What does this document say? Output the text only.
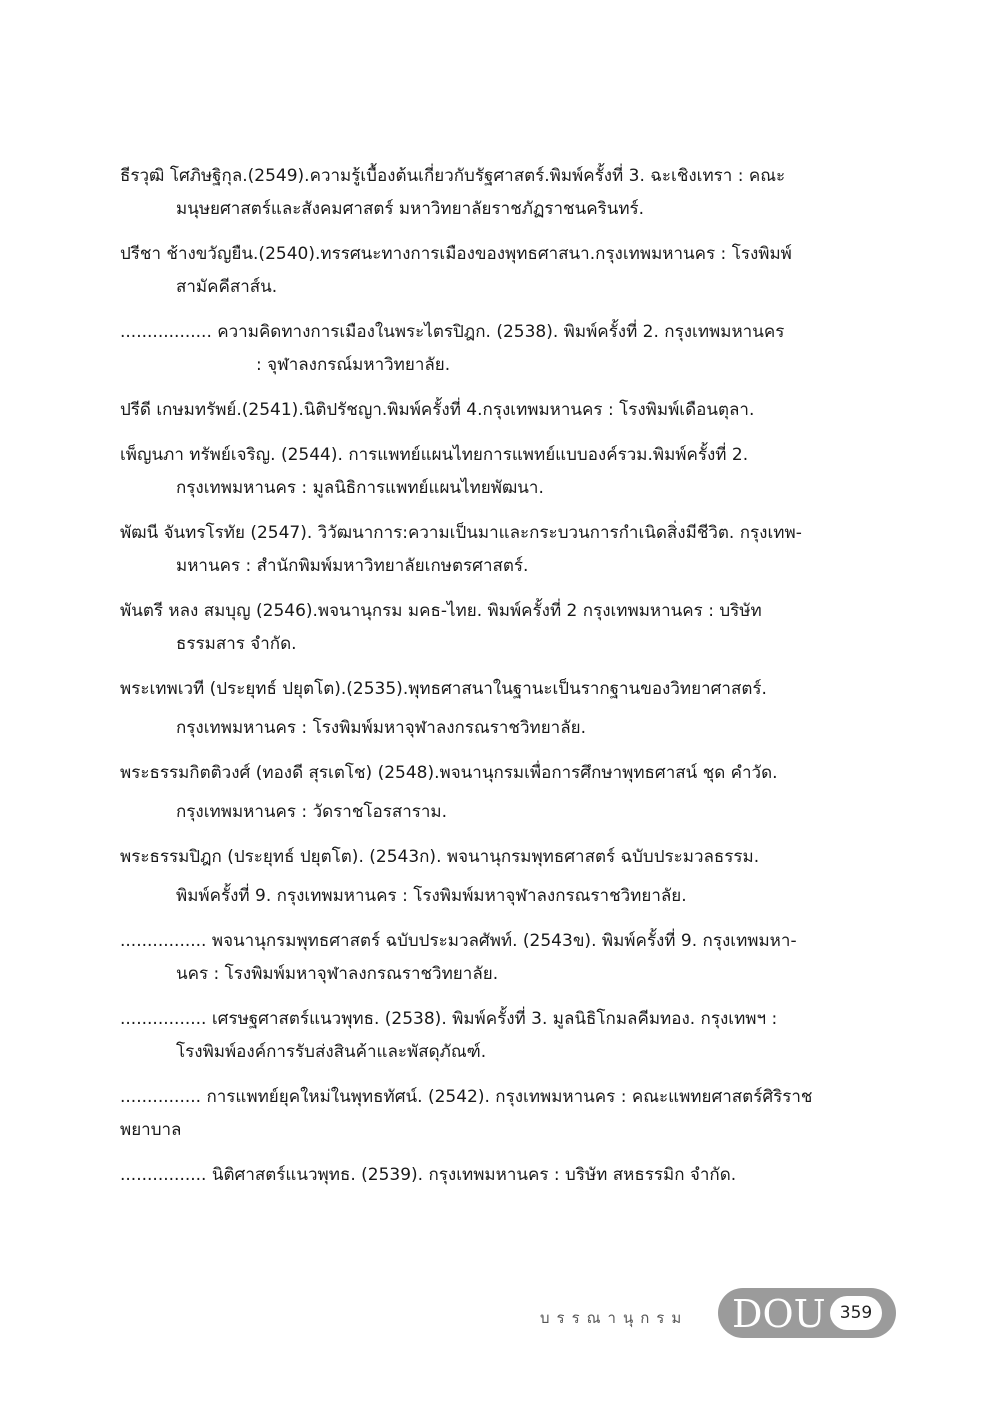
ธีรวุฒิ โศภิษฐิกุล.(2549).ความรู้เบื้องต้นเกี่ยวกับรัฐศาสตร์.พิมพ์ครั้งที่ 3. ฉะเชิงเทรา : คณะ
มนุษยศาสตร์และสังคมศาสตร์ มหาวิทยาลัยราชภัฏราชนครินทร์.
ปรีชา ช้างขวัญยืน.(2540).ทรรศนะทางการเมืองของพุทธศาสนา.กรุงเทพมหานคร : โรงพิมพ์
สามัคคีสาส์น.
................. ความคิดทางการเมืองในพระไตรปิฎก. (2538). พิมพ์ครั้งที่ 2. กรุงเทพมหานคร
: จุฬาลงกรณ์มหาวิทยาลัย.
ปรีดี เกษมทรัพย์.(2541).นิติปรัชญา.พิมพ์ครั้งที่ 4.กรุงเทพมหานคร : โรงพิมพ์เดือนตุลา.
เพ็ญนภา ทรัพย์เจริญ. (2544). การแพทย์แผนไทยการแพทย์แบบองค์รวม.พิมพ์ครั้งที่ 2.
กรุงเทพมหานคร : มูลนิธิการแพทย์แผนไทยพัฒนา.
พัฒนี จันทรโรทัย (2547). วิวัฒนาการ:ความเป็นมาและกระบวนการกำเนิดสิ่งมีชีวิต. กรุงเทพ-
มหานคร : สำนักพิมพ์มหาวิทยาลัยเกษตรศาสตร์.
พันตรี หลง สมบุญ (2546).พจนานุกรม มคธ-ไทย. พิมพ์ครั้งที่ 2 กรุงเทพมหานคร : บริษัท
ธรรมสาร จำกัด.
พระเทพเวที (ประยุทธ์ ปยุตโต).(2535).พุทธศาสนาในฐานะเป็นรากฐานของวิทยาศาสตร์.
กรุงเทพมหานคร : โรงพิมพ์มหาจุฬาลงกรณราชวิทยาลัย.
พระธรรมกิตติวงศ์ (ทองดี สุรเตโช) (2548).พจนานุกรมเพื่อการศึกษาพุทธศาสน์ ชุด คำวัด.
กรุงเทพมหานคร : วัดราชโอรสาราม.
พระธรรมปิฎก (ประยุทธ์ ปยุตโต). (2543ก). พจนานุกรมพุทธศาสตร์ ฉบับประมวลธรรม.
พิมพ์ครั้งที่ 9. กรุงเทพมหานคร : โรงพิมพ์มหาจุฬาลงกรณราชวิทยาลัย.
................ พจนานุกรมพุทธศาสตร์ ฉบับประมวลศัพท์. (2543ข). พิมพ์ครั้งที่ 9. กรุงเทพมหา-
นคร : โรงพิมพ์มหาจุฬาลงกรณราชวิทยาลัย.
................ เศรษฐศาสตร์แนวพุทธ. (2538). พิมพ์ครั้งที่ 3. มูลนิธิโกมลคีมทอง. กรุงเทพฯ :
โรงพิมพ์องค์การรับส่งสินค้าและพัสดุภัณฑ์.
............... การแพทย์ยุคใหม่ในพุทธทัศน์. (2542). กรุงเทพมหานคร : คณะแพทยศาสตร์ศิริราช
พยาบาล
................ นิติศาสตร์แนวพุทธ. (2539). กรุงเทพมหานคร : บริษัท สหธรรมิก จำกัด.
บรรณานุกรม DOU 359
